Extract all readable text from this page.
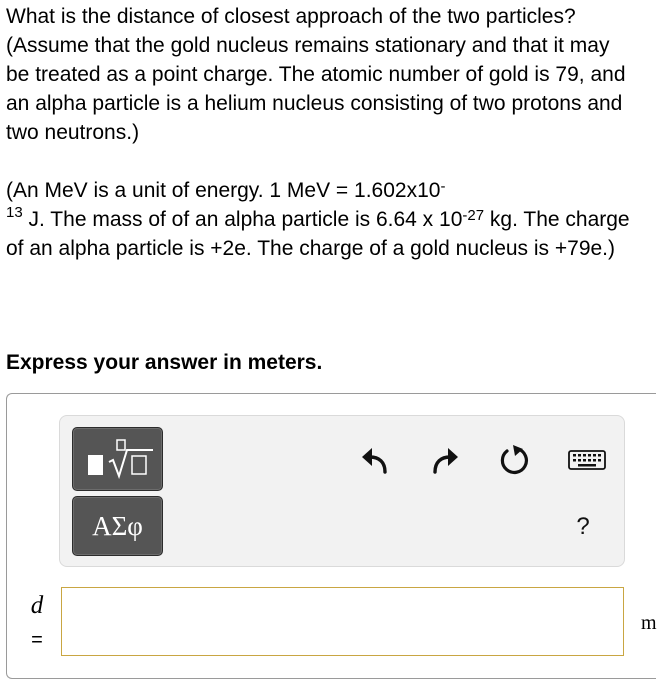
What is the distance of closest approach of the two particles? (Assume that the gold nucleus remains stationary and that it may be treated as a point charge. The atomic number of gold is 79, and an alpha particle is a helium nucleus consisting of two protons and two neutrons.)

(An MeV is a unit of energy. 1 MeV = 1.602x10-
$^{13}$ J. The mass of of an alpha particle is 6.64 x $10^{-27}$ kg. The charge of an alpha particle is +2e. The charge of a gold nucleus is +79e.)

Express your answer in meters.
ΑΣφ	?
d
=
m
